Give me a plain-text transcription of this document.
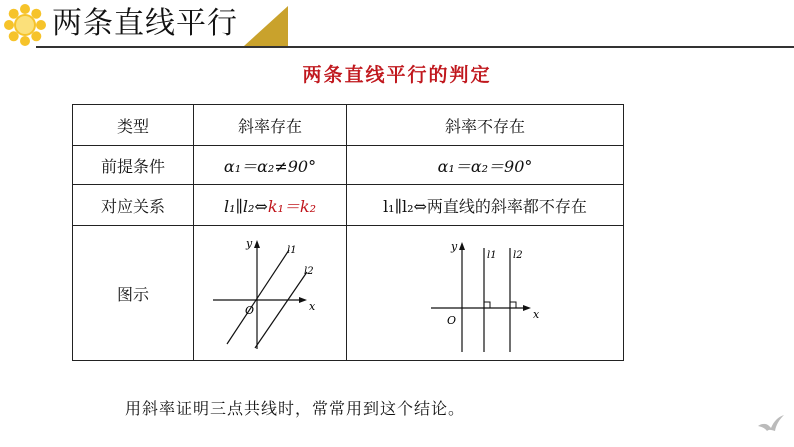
两条直线平行
两条直线平行的判定
类型	斜率存在	斜率不存在
前提条件	α₁＝α₂≠90°	α₁＝α₂＝90°
对应关系	l₁∥l₂⇔k₁＝k₂	l₁∥l₂⇔两直线的斜率都不存在
图示	y
x
O
l1
l2	y
x
O
l1 l2
用斜率证明三点共线时，常常用到这个结论。
